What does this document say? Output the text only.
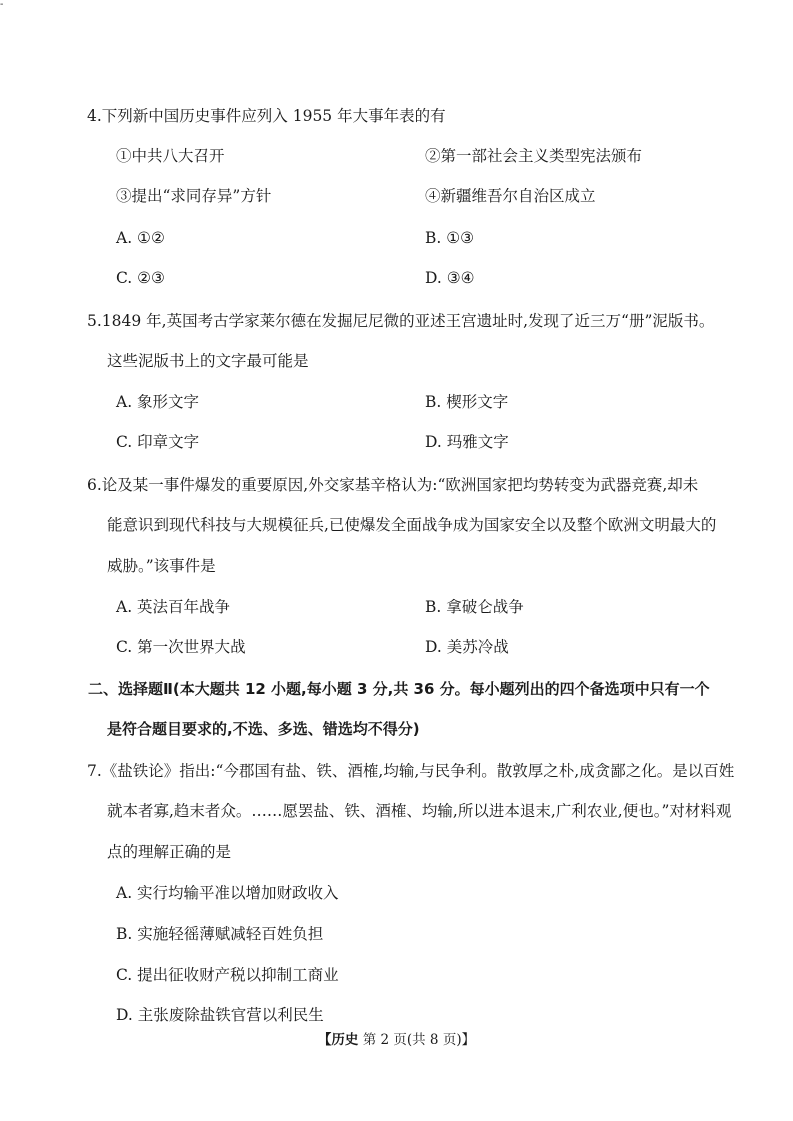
-
4.下列新中国历史事件应列入 1955 年大事年表的有
①中共八大召开	②第一部社会主义类型宪法颁布
③提出“求同存异”方针	④新疆维吾尔自治区成立
A. ①②	B. ①③
C. ②③	D. ③④
5.1849 年,英国考古学家莱尔德在发掘尼尼微的亚述王宫遗址时,发现了近三万“册”泥版书。
这些泥版书上的文字最可能是
A. 象形文字	B. 楔形文字
C. 印章文字	D. 玛雅文字
6.论及某一事件爆发的重要原因,外交家基辛格认为:“欧洲国家把均势转变为武器竞赛,却未
能意识到现代科技与大规模征兵,已使爆发全面战争成为国家安全以及整个欧洲文明最大的
威胁。”该事件是
A. 英法百年战争	B. 拿破仑战争
C. 第一次世界大战	D. 美苏冷战
二、选择题Ⅱ(本大题共 12 小题,每小题 3 分,共 36 分。每小题列出的四个备选项中只有一个
是符合题目要求的,不选、多选、错选均不得分)
7.《盐铁论》指出:“今郡国有盐、铁、酒榷,均输,与民争利。散敦厚之朴,成贪鄙之化。是以百姓
就本者寡,趋末者众。……愿罢盐、铁、酒榷、均输,所以进本退末,广利农业,便也。”对材料观
点的理解正确的是
A. 实行均输平准以增加财政收入
B. 实施轻徭薄赋减轻百姓负担
C. 提出征收财产税以抑制工商业
D. 主张废除盐铁官营以利民生
【历史 第 2 页(共 8 页)】
